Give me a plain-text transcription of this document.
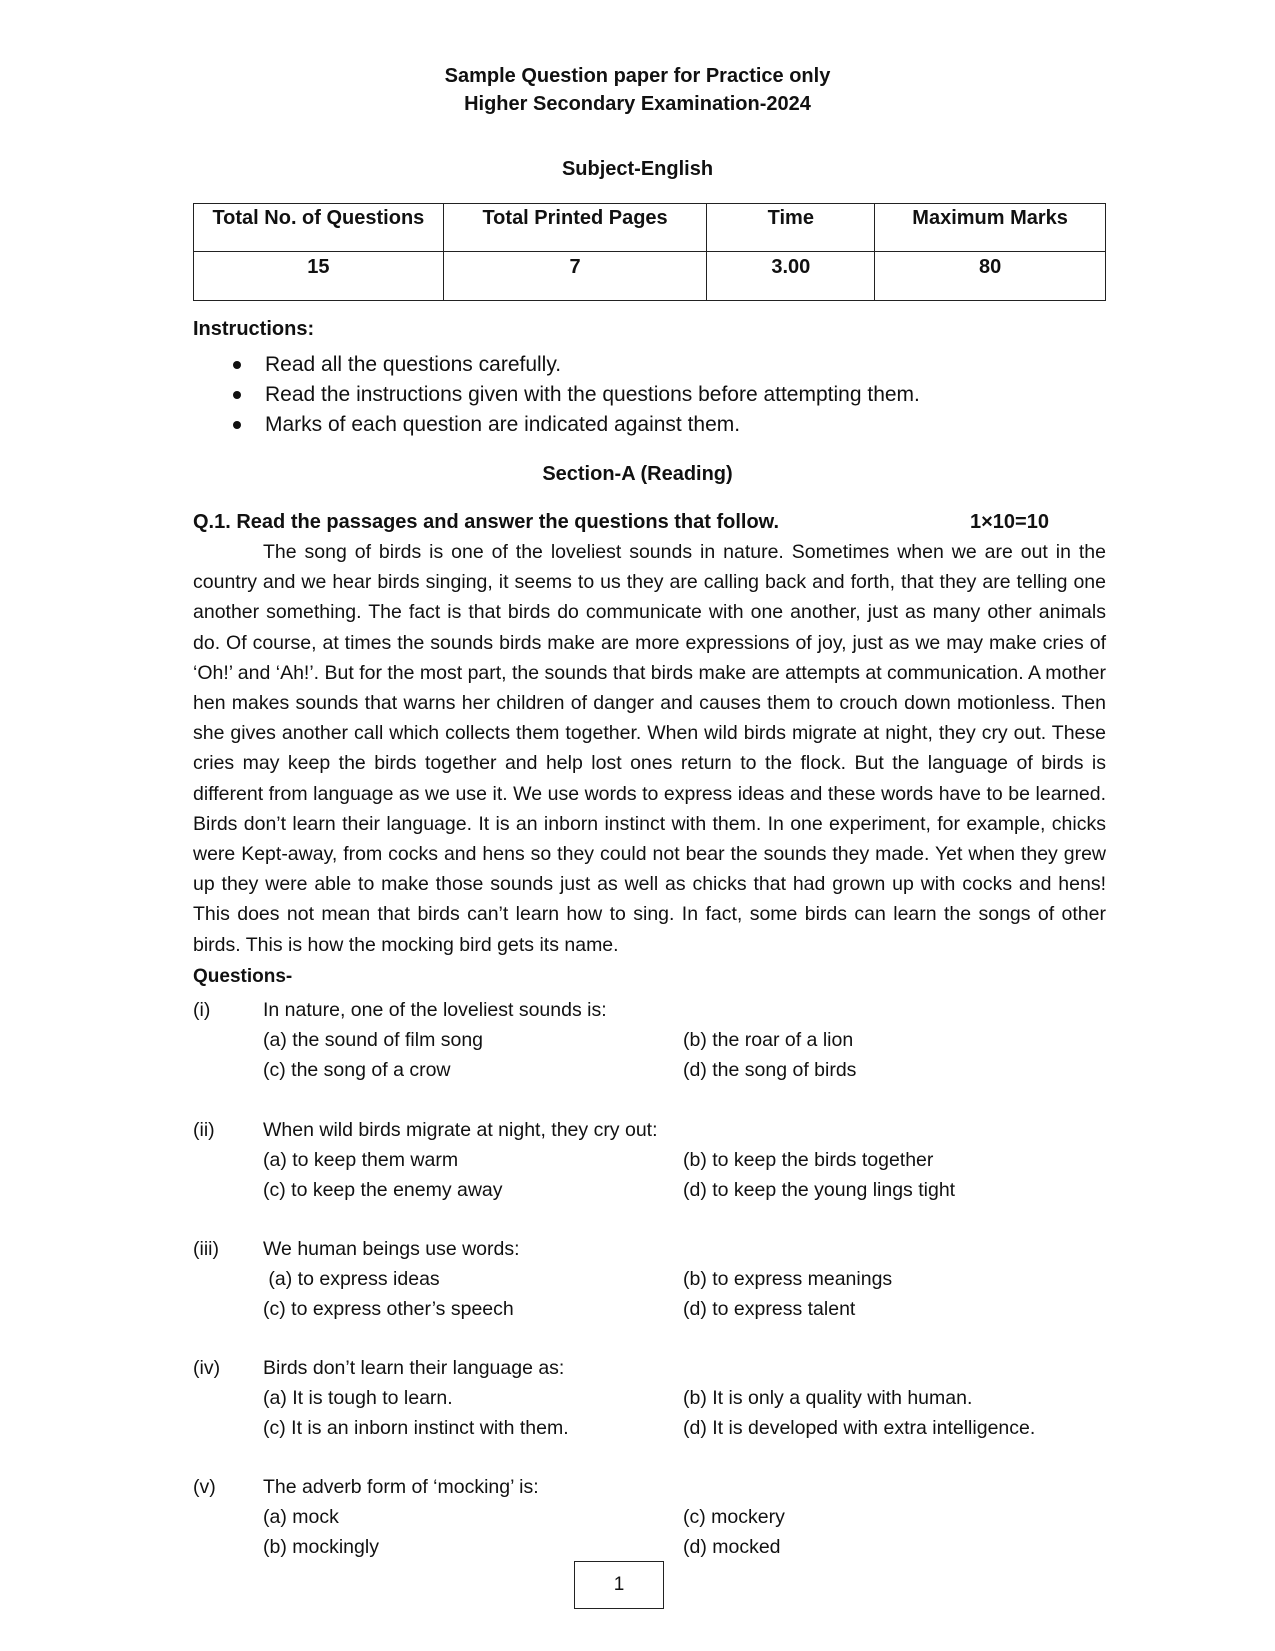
Sample Question paper for Practice only
Higher Secondary Examination-2024
Subject-English
Total No. of Questions	Total Printed Pages	Time	Maximum Marks
15	7	3.00	80
Instructions:
Read all the questions carefully.
Read the instructions given with the questions before attempting them.
Marks of each question are indicated against them.
Section-A (Reading)
Q.1. Read the passages and answer the questions that follow.	1×10=10

The song of birds is one of the loveliest sounds in nature. Sometimes when we are out in the country and we hear birds singing, it seems to us they are calling back and forth, that they are telling one another something. The fact is that birds do communicate with one another, just as many other animals do. Of course, at times the sounds birds make are more expressions of joy, just as we may make cries of ‘Oh!’ and ‘Ah!’. But for the most part, the sounds that birds make are attempts at communication. A mother hen makes sounds that warns her children of danger and causes them to crouch down motionless. Then she gives another call which collects them together. When wild birds migrate at night, they cry out. These cries may keep the birds together and help lost ones return to the flock. But the language of birds is different from language as we use it. We use words to express ideas and these words have to be learned. Birds don’t learn their language. It is an inborn instinct with them. In one experiment, for example, chicks were Kept-away, from cocks and hens so they could not bear the sounds they made. Yet when they grew up they were able to make those sounds just as well as chicks that had grown up with cocks and hens! This does not mean that birds can’t learn how to sing. In fact, some birds can learn the songs of other birds. This is how the mocking bird gets its name.

Questions-
(i)	In nature, one of the loveliest sounds is:
(a) the sound of film song	(b) the roar of a lion
(c) the song of a crow	(d) the song of birds
(ii) When wild birds migrate at night, they cry out:
(a) to keep them warm	(b) to keep the birds together
(c) to keep the enemy away	(d) to keep the young lings tight
(iii) We human beings use words:
(a) to express ideas	(b) to express meanings
(c) to express other’s speech	(d) to express talent
(iv) Birds don’t learn their language as:
(a) It is tough to learn.	(b) It is only a quality with human.
(c) It is an inborn instinct with them.	(d) It is developed with extra intelligence.
(v) The adverb form of ‘mocking’ is:
(a) mock	(c) mockery
(b) mockingly	(d) mocked
1
